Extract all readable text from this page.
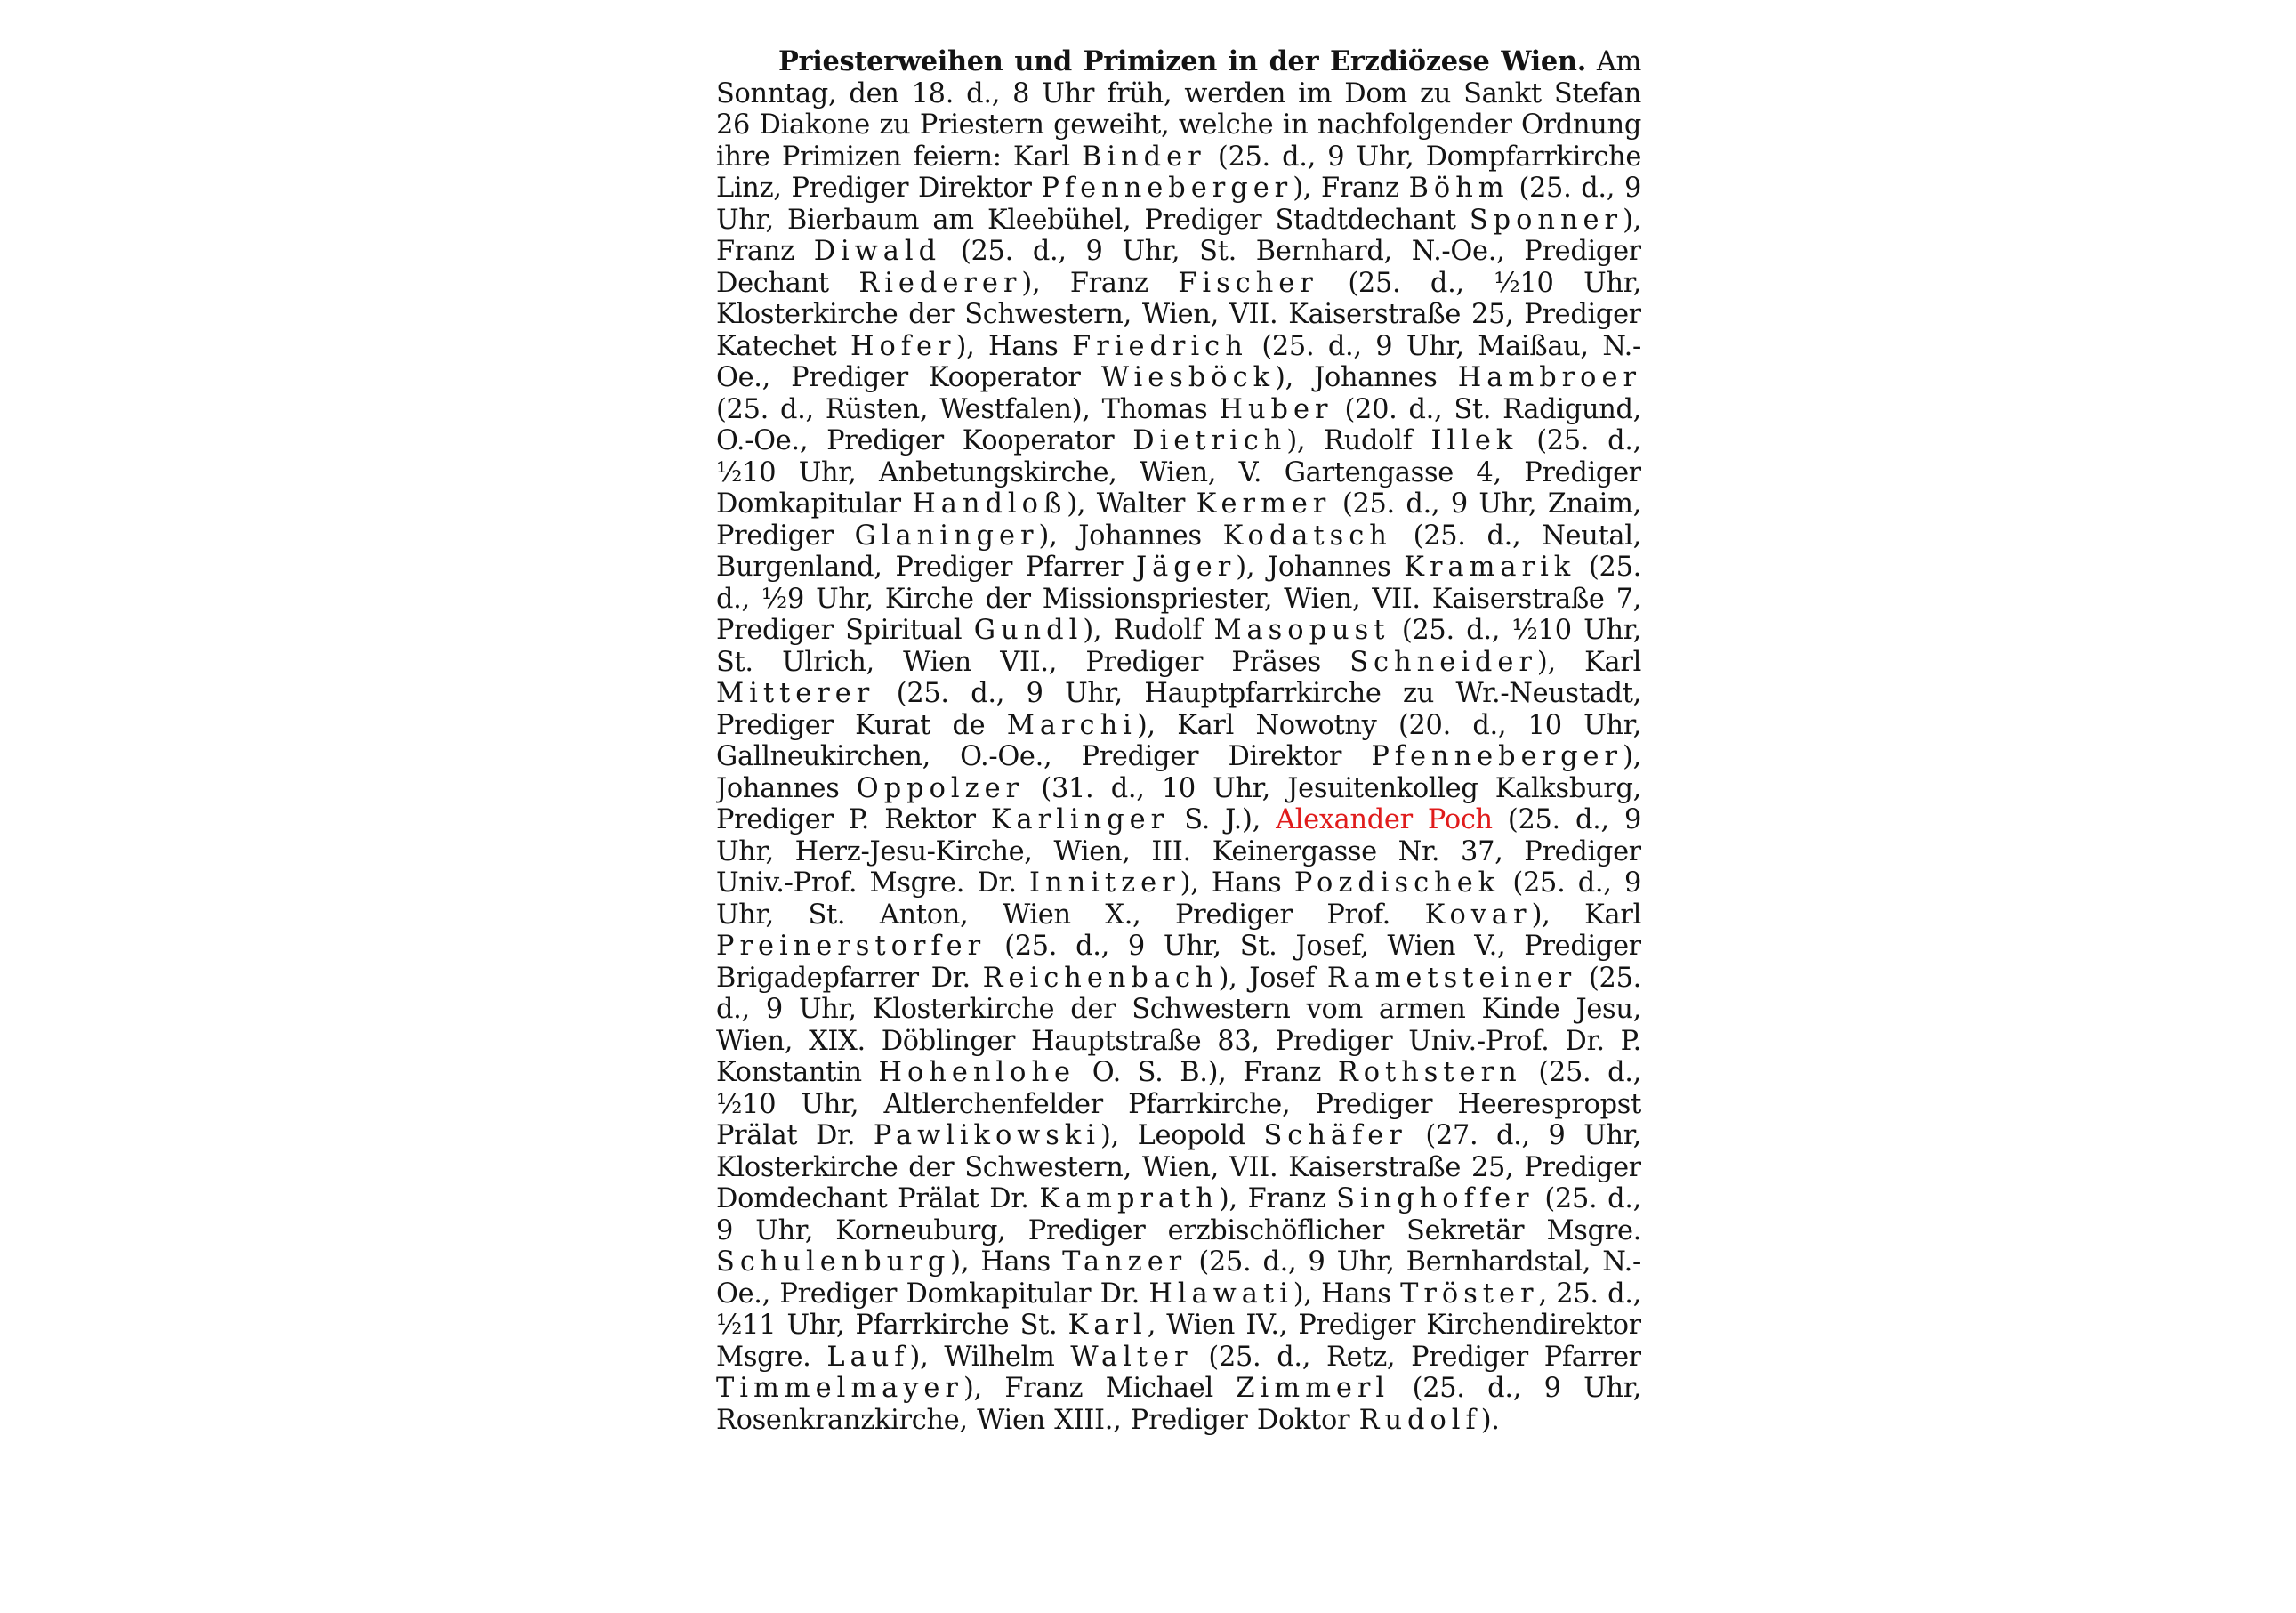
Priesterweihen und Primizen in der Erzdiözese Wien. Am Sonntag, den 18. d., 8 Uhr früh, werden im Dom zu Sankt Stefan 26 Diakone zu Priestern geweiht, welche in nachfolgender Ordnung ihre Primizen feiern: Karl Binder (25. d., 9 Uhr, Dompfarrkirche Linz, Prediger Direktor Pfenneberger), Franz Böhm (25. d., 9 Uhr, Bierbaum am Kleebühel, Prediger Stadtdechant Sponner), Franz Diwald (25. d., 9 Uhr, St. Bernhard, N.-Oe., Prediger Dechant Riederer), Franz Fischer (25. d., ½10 Uhr, Klosterkirche der Schwestern, Wien, VII. Kaiserstraße 25, Prediger Katechet Hofer), Hans Friedrich (25. d., 9 Uhr, Maißau, N.-Oe., Prediger Kooperator Wiesböck), Johannes Hambroer (25. d., Rüsten, Westfalen), Thomas Huber (20. d., St. Radigund, O.-Oe., Prediger Kooperator Dietrich), Rudolf Illek (25. d., ½10 Uhr, Anbetungskirche, Wien, V. Gartengasse 4, Prediger Domkapitular Handloß), Walter Kermer (25. d., 9 Uhr, Znaim, Prediger Glaninger), Johannes Kodatsch (25. d., Neutal, Burgenland, Prediger Pfarrer Jäger), Johannes Kramarik (25. d., ½9 Uhr, Kirche der Missionspriester, Wien, VII. Kaiserstraße 7, Prediger Spiritual Gundl), Rudolf Masopust (25. d., ½10 Uhr, St. Ulrich, Wien VII., Prediger Präses Schneider), Karl Mitterer (25. d., 9 Uhr, Hauptpfarrkirche zu Wr.-Neustadt, Prediger Kurat de Marchi), Karl Nowotny (20. d., 10 Uhr, Gallneukirchen, O.-Oe., Prediger Direktor Pfenneberger), Johannes Oppolzer (31. d., 10 Uhr, Jesuitenkolleg Kalksburg, Prediger P. Rektor Karlinger S. J.), Alexander Poch (25. d., 9 Uhr, Herz-Jesu-Kirche, Wien, III. Keinergasse Nr. 37, Prediger Univ.-Prof. Msgre. Dr. Innitzer), Hans Pozdischek (25. d., 9 Uhr, St. Anton, Wien X., Prediger Prof. Kovar), Karl Preinerstorfer (25. d., 9 Uhr, St. Josef, Wien V., Prediger Brigadepfarrer Dr. Reichenbach), Josef Rametsteiner (25. d., 9 Uhr, Klosterkirche der Schwestern vom armen Kinde Jesu, Wien, XIX. Döblinger Hauptstraße 83, Prediger Univ.-Prof. Dr. P. Konstantin Hohenlohe O. S. B.), Franz Rothstern (25. d., ½10 Uhr, Altlerchenfelder Pfarrkirche, Prediger Heerespropst Prälat Dr. Pawlikowski), Leopold Schäfer (27. d., 9 Uhr, Klosterkirche der Schwestern, Wien, VII. Kaiserstraße 25, Prediger Domdechant Prälat Dr. Kamprath), Franz Singhoffer (25. d., 9 Uhr, Korneuburg, Prediger erzbischöflicher Sekretär Msgre. Schulenburg), Hans Tanzer (25. d., 9 Uhr, Bernhardstal, N.-Oe., Prediger Domkapitular Dr. Hlawati), Hans Tröster, 25. d., ½11 Uhr, Pfarrkirche St. Karl, Wien IV., Prediger Kirchendirektor Msgre. Lauf), Wilhelm Walter (25. d., Retz, Prediger Pfarrer Timmelmayer), Franz Michael Zimmerl (25. d., 9 Uhr, Rosenkranzkirche, Wien XIII., Prediger Doktor Rudolf).
